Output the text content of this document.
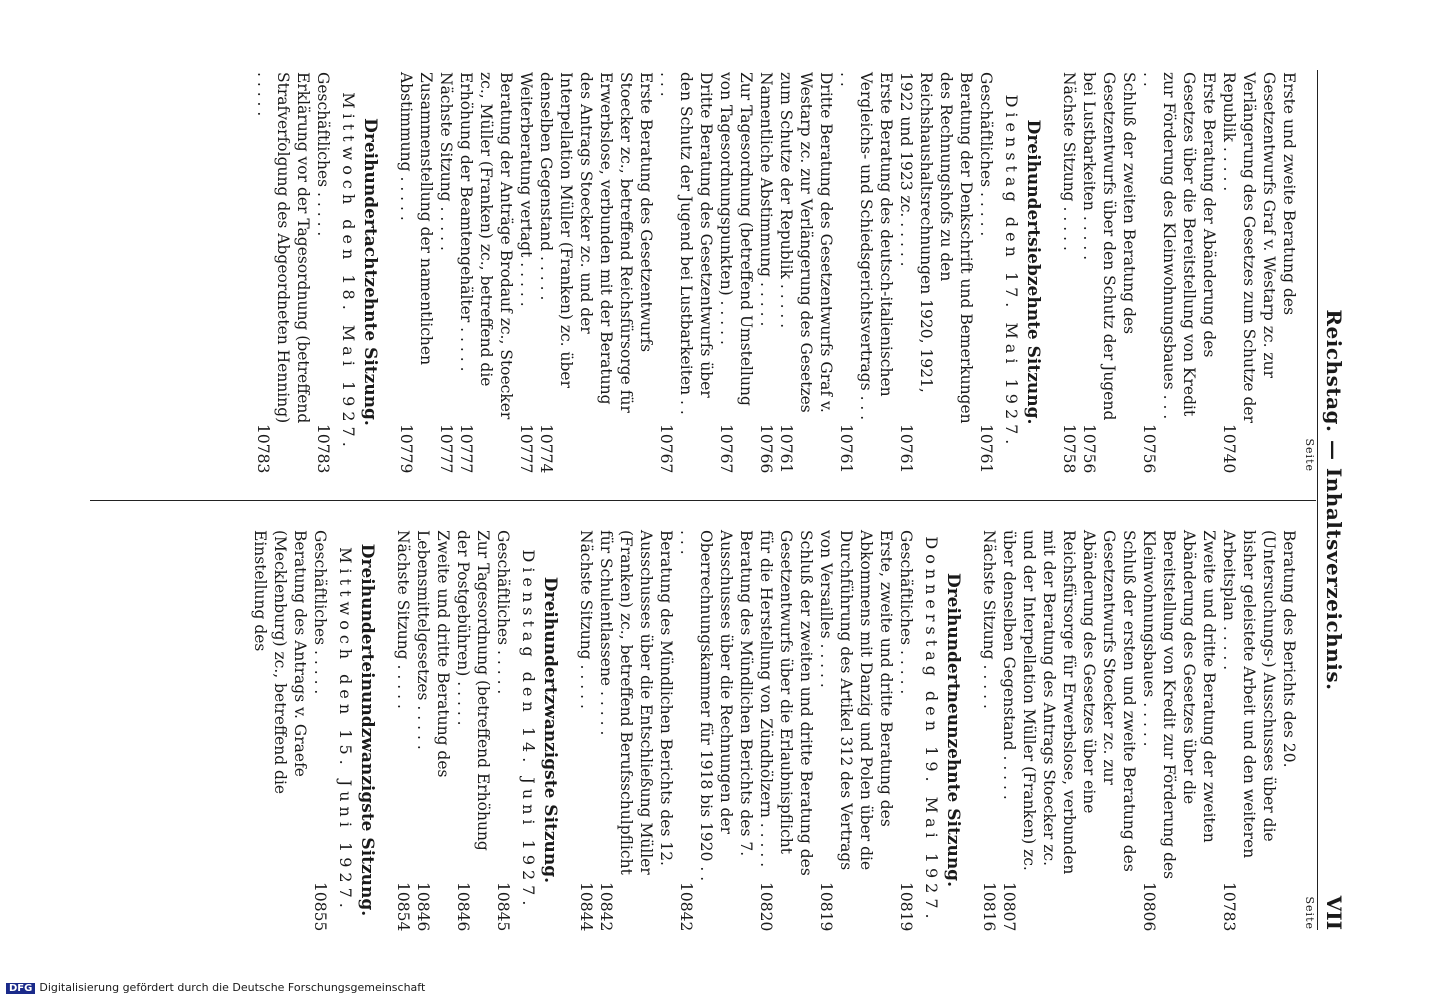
Reichstag. — Inhaltsverzeichnis.
VII
Seite
Erste und zweite Beratung des Gesetzentwurfs Graf v. Westarp zc. zur Verlängerung des Gesetzes zum Schutze der Republik . . . . .
10740
Erste Beratung der Abänderung des Gesetzes über die Bereitstellung von Kredit zur Förderung des Kleinwohnungsbaues . . . . .
10756
Schluß der zweiten Beratung des Gesetzentwurfs über den Schutz der Jugend bei Lustbarkeiten . . . . .
10756
Nächste Sitzung . . . . .
10758
Dreihundertsiebzehnte Sitzung.
Dienstag den 17. Mai 1927.
Geschäftliches . . . . .
10761
Beratung der Denkschrift und Bemerkungen des Rechnungshofs zu den Reichshaushaltsrechnungen 1920, 1921, 1922 und 1923 zc. . . . . .
10761
Erste Beratung des deutsch-italienischen Vergleichs- und Schiedsgerichtsvertrags . . . . .
10761
Dritte Beratung des Gesetzentwurfs Graf v. Westarp zc. zur Verlängerung des Gesetzes zum Schutze der Republik . . . . .
10761
Namentliche Abstimmung . . . . .
10766
Zur Tagesordnung (betreffend Umstellung von Tagesordnungspunkten) . . . . .
10767
Dritte Beratung des Gesetzentwurfs über den Schutz der Jugend bei Lustbarkeiten . . . . .
10767
Erste Beratung des Gesetzentwurfs Stoecker zc., betreffend Reichsfürsorge für Erwerbslose, verbunden mit der Beratung des Antrags Stoecker zc. und der Interpellation Müller (Franken) zc. über denselben Gegenstand . . . . .
10774
Weiterberatung vertagt . . . . .
10777
Beratung der Anträge Brodauf zc., Stoecker zc., Müller (Franken) zc., betreffend die Erhöhung der Beamtengehälter . . . . .
10777
Nächste Sitzung . . . . .
10777
Zusammenstellung der namentlichen Abstimmung . . . . .
10779
Dreihundertachtzehnte Sitzung.
Mittwoch den 18. Mai 1927.
Geschäftliches . . . . .
10783
Erklärung vor der Tagesordnung (betreffend Strafverfolgung des Abgeordneten Henning) . . . . .
10783
Seite
Beratung des Berichts des 20. (Untersuchungs-) Ausschusses über die bisher geleistete Arbeit und den weiteren Arbeitsplan . . . . .
10783
Zweite und dritte Beratung der zweiten Abänderung des Gesetzes über die Bereitstellung von Kredit zur Förderung des Kleinwohnungsbaues . . . . .
10806
Schluß der ersten und zweite Beratung des Gesetzentwurfs Stoecker zc. zur Abänderung des Gesetzes über eine Reichsfürsorge für Erwerbslose, verbunden mit der Beratung des Antrags Stoecker zc. und der Interpellation Müller (Franken) zc. über denselben Gegenstand . . . . .
10807
Nächste Sitzung . . . . .
10816
Dreihundertneunzehnte Sitzung.
Donnerstag den 19. Mai 1927.
Geschäftliches . . . . .
10819
Erste, zweite und dritte Beratung des Abkommens mit Danzig und Polen über die Durchführung des Artikel 312 des Vertrags von Versailles . . . . .
10819
Schluß der zweiten und dritte Beratung des Gesetzentwurfs über die Erlaubnispflicht für die Herstellung von Zündhölzern . . . . .
10820
Beratung des Mündlichen Berichts des 7. Ausschusses über die Rechnungen der Oberrechnungskammer für 1918 bis 1920 . . . . .
10842
Beratung des Mündlichen Berichts des 12. Ausschusses über die Entschließung Müller (Franken) zc., betreffend Berufsschulpflicht für Schulentlassene . . . . .
10842
Nächste Sitzung . . . . .
10844
Dreihundertzwanzigste Sitzung.
Dienstag den 14. Juni 1927.
Geschäftliches . . . . .
10845
Zur Tagesordnung (betreffend Erhöhung der Postgebühren) . . . . .
10846
Zweite und dritte Beratung des Lebensmittelgesetzes . . . . .
10846
Nächste Sitzung . . . . .
10854
Dreihunderteinundzwanzigste Sitzung.
Mittwoch den 15. Juni 1927.
Geschäftliches . . . . .
10855
Beratung des Antrags v. Graefe (Mecklenburg) zc., betreffend die Einstellung des
DFG Digitalisierung gefördert durch die Deutsche Forschungsgemeinschaft
